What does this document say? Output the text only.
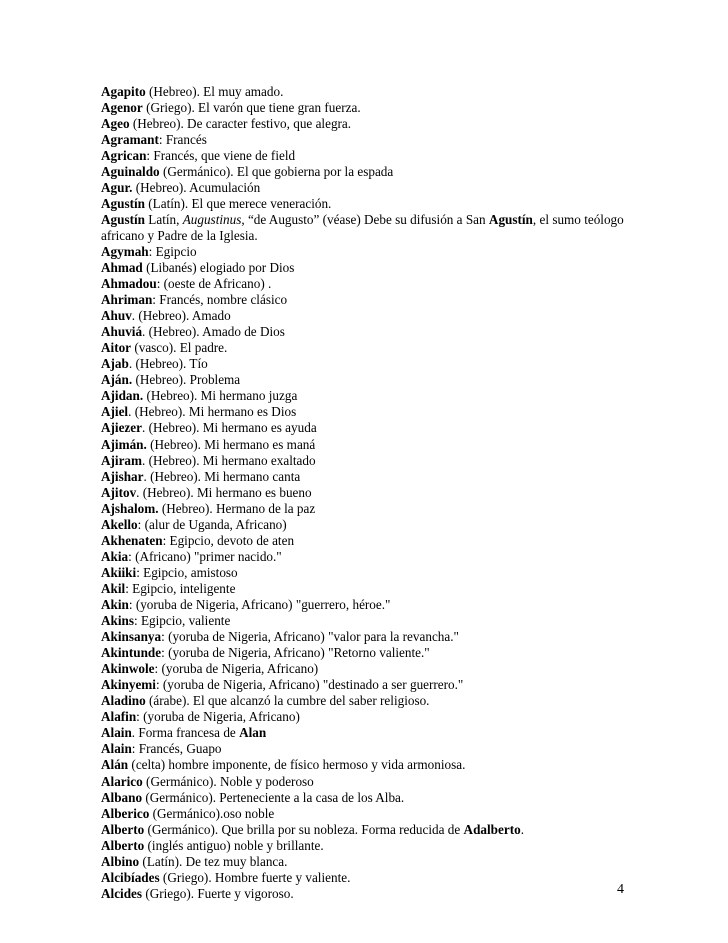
Agapito (Hebreo). El muy amado.
Agenor (Griego). El varón que tiene gran fuerza.
Ageo (Hebreo). De caracter festivo, que alegra.
Agramant: Francés
Agrican: Francés, que viene de field
Aguinaldo (Germánico). El que gobierna por la espada
Agur. (Hebreo). Acumulación
Agustín (Latín). El que merece veneración.
Agustín Latín, Augustinus, “de Augusto” (véase) Debe su difusión a San Agustín, el sumo teólogo africano y Padre de la Iglesia.
Agymah: Egipcio
Ahmad (Libanés) elogiado por Dios
Ahmadou: (oeste de Africano) .
Ahriman: Francés, nombre clásico
Ahuv. (Hebreo). Amado
Ahuviá. (Hebreo). Amado de Dios
Aitor (vasco). El padre.
Ajab. (Hebreo). Tío
Aján. (Hebreo). Problema
Ajidan. (Hebreo). Mi hermano juzga
Ajiel. (Hebreo). Mi hermano es Dios
Ajiezer. (Hebreo). Mi hermano es ayuda
Ajimán. (Hebreo). Mi hermano es maná
Ajiram. (Hebreo). Mi hermano exaltado
Ajishar. (Hebreo). Mi hermano canta
Ajitov. (Hebreo). Mi hermano es bueno
Ajshalom. (Hebreo). Hermano de la paz
Akello: (alur de Uganda, Africano)
Akhenaten: Egipcio, devoto de aten
Akia: (Africano) "primer nacido."
Akiiki: Egipcio, amistoso
Akil: Egipcio, inteligente
Akin: (yoruba de Nigeria, Africano) "guerrero, héroe."
Akins: Egipcio, valiente
Akinsanya: (yoruba de Nigeria, Africano) "valor para la revancha."
Akintunde: (yoruba de Nigeria, Africano) "Retorno valiente."
Akinwole: (yoruba de Nigeria, Africano)
Akinyemi: (yoruba de Nigeria, Africano) "destinado a ser guerrero."
Aladino (árabe). El que alcanzó la cumbre del saber religioso.
Alafin: (yoruba de Nigeria, Africano)
Alain. Forma francesa de Alan
Alain: Francés, Guapo
Alán (celta) hombre imponente, de físico hermoso y vida armoniosa.
Alarico (Germánico). Noble y poderoso
Albano (Germánico). Perteneciente a la casa de los Alba.
Alberico (Germánico).oso noble
Alberto (Germánico). Que brilla por su nobleza. Forma reducida de Adalberto.
Alberto (inglés antiguo) noble y brillante.
Albino (Latín). De tez muy blanca.
Alcibíades (Griego). Hombre fuerte y valiente.
Alcides (Griego). Fuerte y vigoroso.	4
